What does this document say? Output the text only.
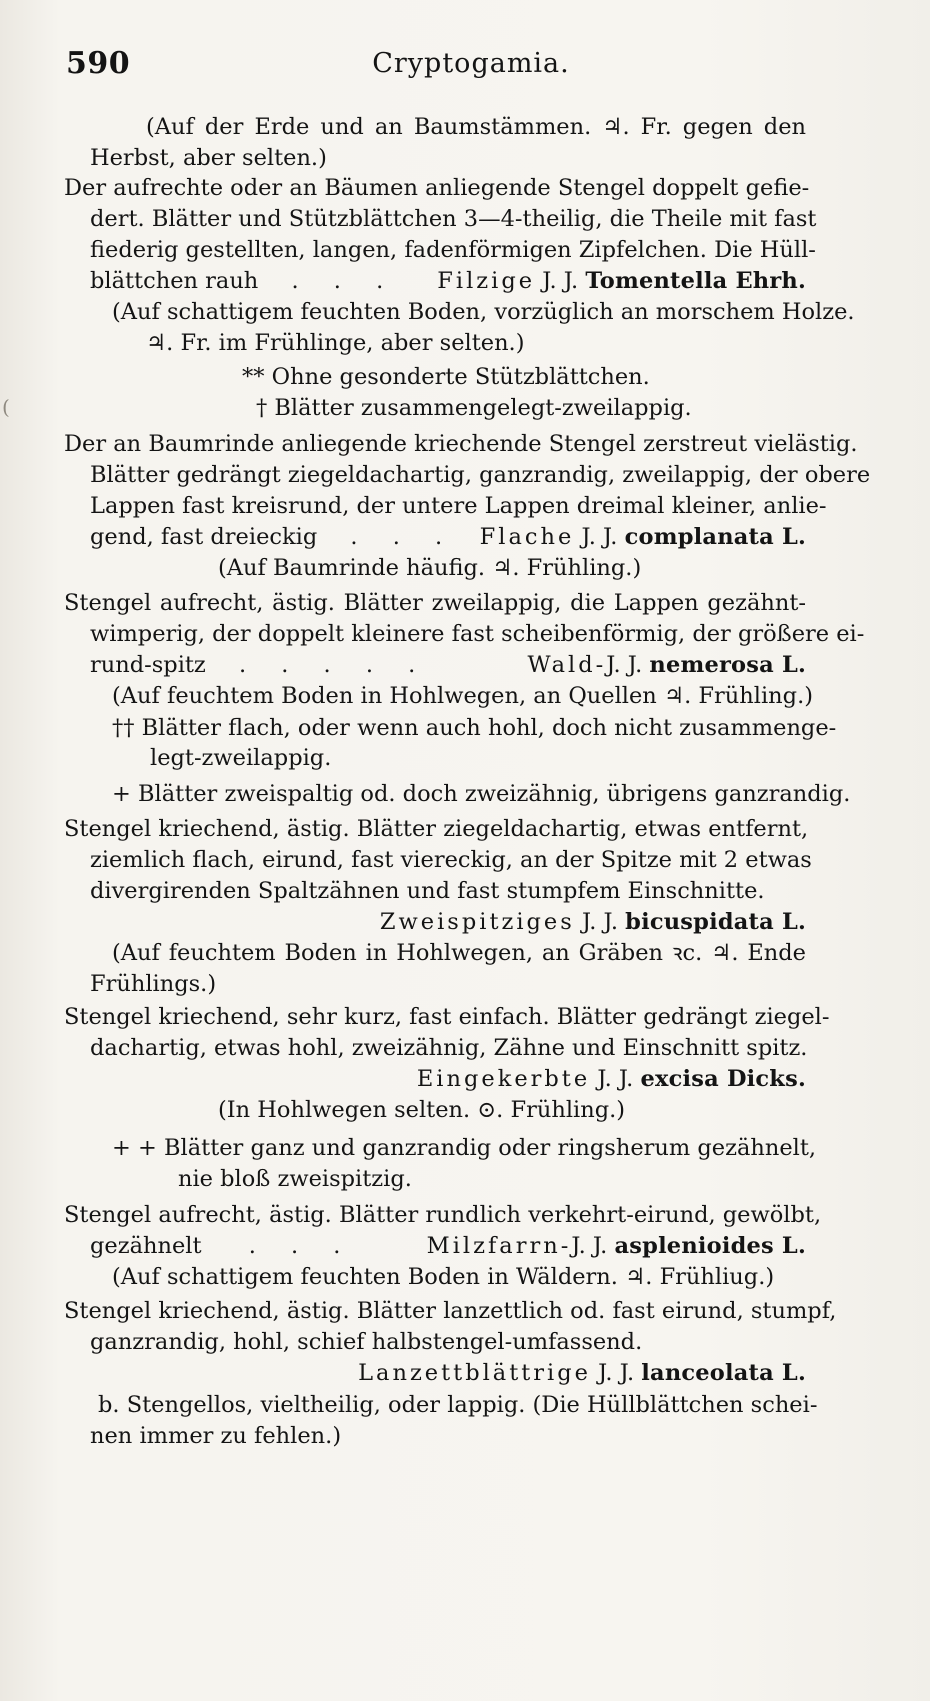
590	Cryptogamia.
(
(Auf der Erde und an Baumstämmen. ♃. Fr. gegen den
Herbst, aber selten.)
Der aufrechte oder an Bäumen anliegende Stengel doppelt gefie-
dert. Blätter und Stützblättchen 3—4-theilig, die Theile mit fast
fiederig gestellten, langen, fadenförmigen Zipfelchen. Die Hüll-
blättchen rauh . . . Filzige J. J. Tomentella Ehrh.
(Auf schattigem feuchten Boden, vorzüglich an morschem Holze.
♃. Fr. im Frühlinge, aber selten.)
** Ohne gesonderte Stützblättchen.
† Blätter zusammengelegt-zweilappig.
Der an Baumrinde anliegende kriechende Stengel zerstreut vielästig.
Blätter gedrängt ziegeldachartig, ganzrandig, zweilappig, der obere
Lappen fast kreisrund, der untere Lappen dreimal kleiner, anlie-
gend, fast dreieckig . . . Flache J. J. complanata L.
(Auf Baumrinde häufig. ♃. Frühling.)
Stengel aufrecht, ästig. Blätter zweilappig, die Lappen gezähnt-
wimperig, der doppelt kleinere fast scheibenförmig, der größere ei-
rund-spitz . . . . .	Wald-J. J. nemerosa L.
(Auf feuchtem Boden in Hohlwegen, an Quellen ♃. Frühling.)
†† Blätter flach, oder wenn auch hohl, doch nicht zusammenge-
legt-zweilappig.
+ Blätter zweispaltig od. doch zweizähnig, übrigens ganzrandig.
Stengel kriechend, ästig. Blätter ziegeldachartig, etwas entfernt,
ziemlich flach, eirund, fast viereckig, an der Spitze mit 2 etwas
divergirenden Spaltzähnen und fast stumpfem Einschnitte.
Zweispitziges J. J. bicuspidata L.
(Auf feuchtem Boden in Hohlwegen, an Gräben ꝛc. ♃. Ende
Frühlings.)
Stengel kriechend, sehr kurz, fast einfach. Blätter gedrängt ziegel-
dachartig, etwas hohl, zweizähnig, Zähne und Einschnitt spitz.
Eingekerbte J. J. excisa Dicks.
(In Hohlwegen selten. ⊙. Frühling.)
+ + Blätter ganz und ganzrandig oder ringsherum gezähnelt,
nie bloß zweispitzig.
Stengel aufrecht, ästig. Blätter rundlich verkehrt-eirund, gewölbt,
gezähnelt . . .	Milzfarrn-J. J. asplenioides L.
(Auf schattigem feuchten Boden in Wäldern. ♃. Frühliug.)
Stengel kriechend, ästig. Blätter lanzettlich od. fast eirund, stumpf,
ganzrandig, hohl, schief halbstengel-umfassend.
Lanzettblättrige J. J. lanceolata L.
b. Stengellos, vieltheilig, oder lappig. (Die Hüllblättchen schei-
nen immer zu fehlen.)
